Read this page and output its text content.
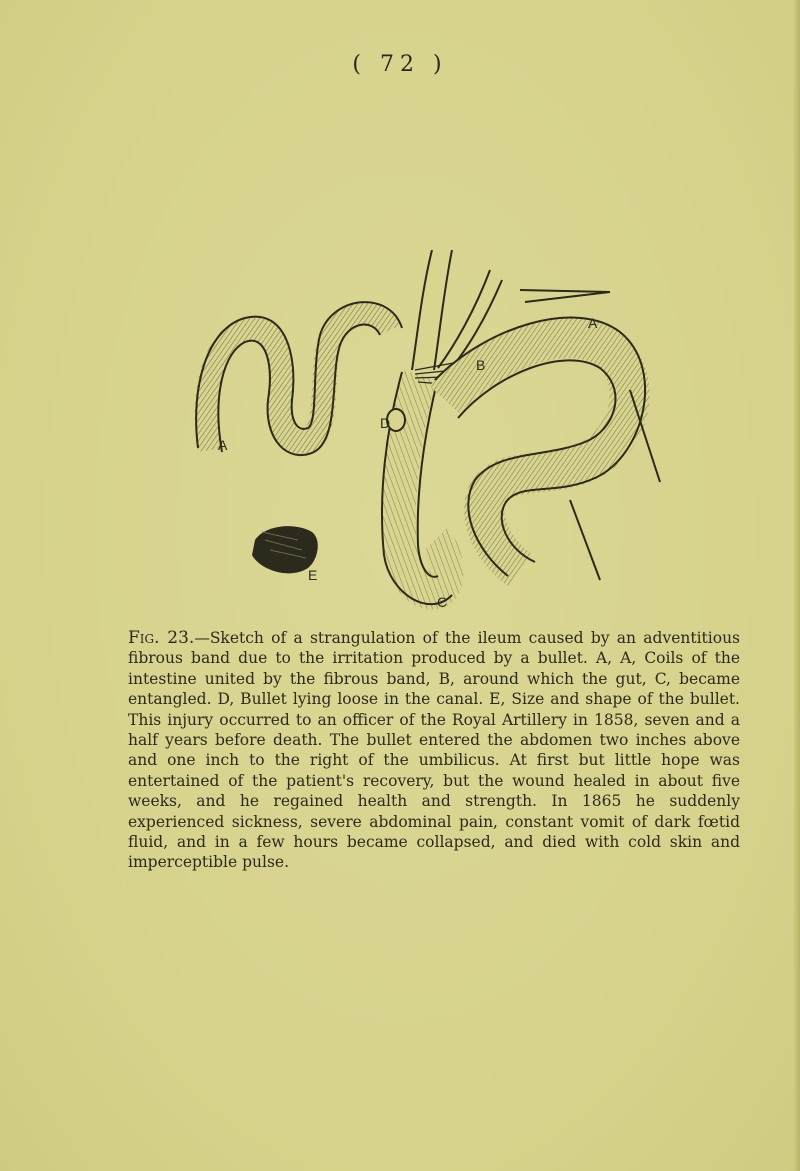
( 72 )
A
A
B
C
D
E

Fig. 23.—Sketch of a strangulation of the ileum caused by an adventitious fibrous band due to the irritation produced by a bullet. A, A, Coils of the intestine united by the fibrous band, B, around which the gut, C, became entangled. D, Bullet lying loose in the canal. E, Size and shape of the bullet. This injury occurred to an officer of the Royal Artillery in 1858, seven and a half years before death. The bullet entered the abdomen two inches above and one inch to the right of the umbilicus. At first but little hope was entertained of the patient's recovery, but the wound healed in about five weeks, and he regained health and strength. In 1865 he suddenly experienced sickness, severe abdominal pain, constant vomit of dark fœtid fluid, and in a few hours became collapsed, and died with cold skin and imperceptible pulse.
